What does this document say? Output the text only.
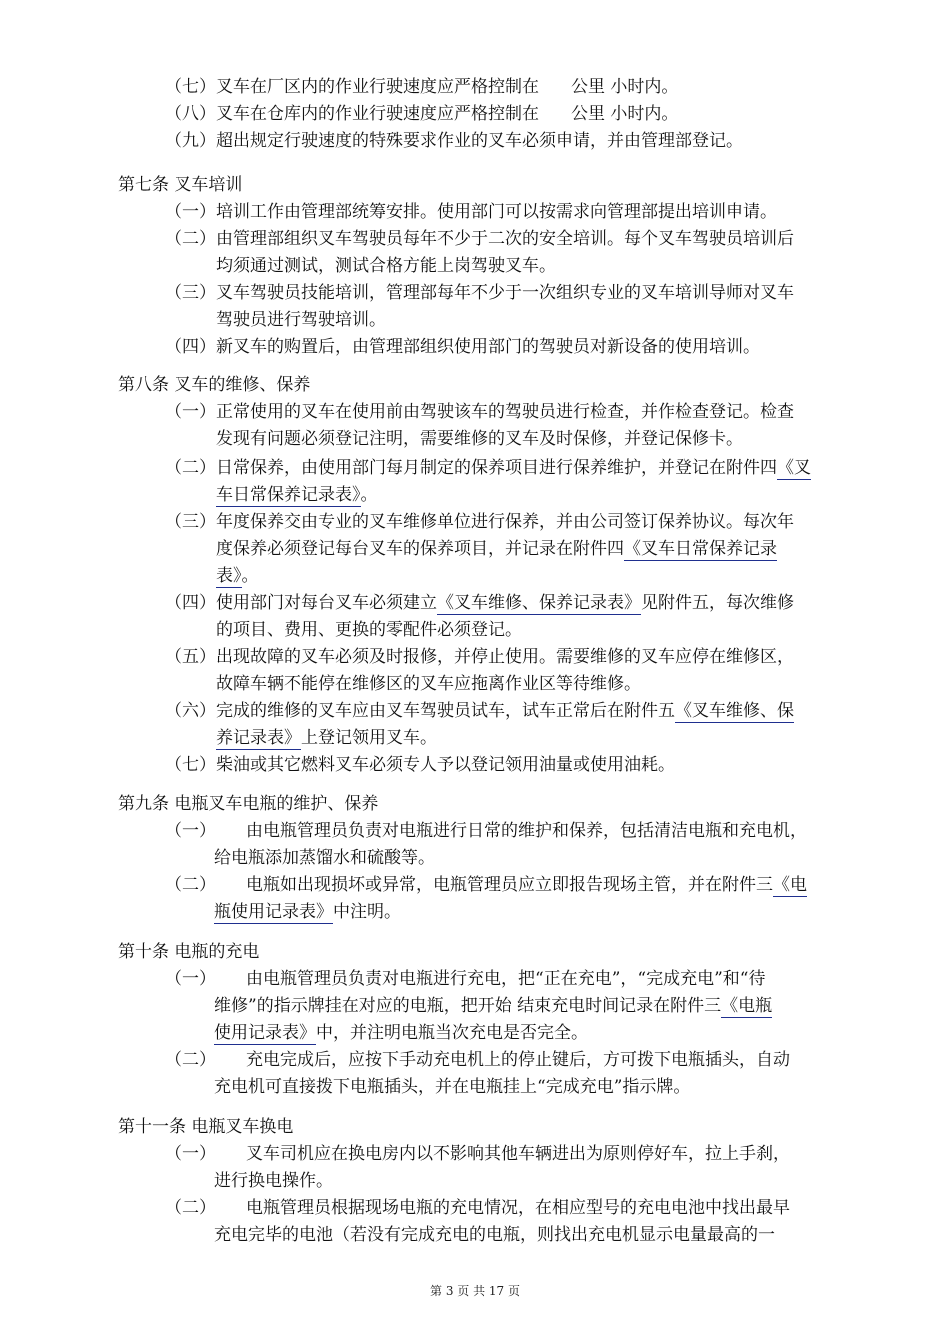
（七） 叉车在厂区内的作业行驶速度应严格控制在 公里 小时内。
（八） 叉车在仓库内的作业行驶速度应严格控制在 公里 小时内。
（九） 超出规定行驶速度的特殊要求作业的叉车必须申请，并由管理部登记。
第七条 叉车培训
（一） 培训工作由管理部统筹安排。使用部门可以按需求向管理部提出培训申请。
（二） 由管理部组织叉车驾驶员每年不少于二次的安全培训。每个叉车驾驶员培训后
均须通过测试，测试合格方能上岗驾驶叉车。
（三） 叉车驾驶员技能培训，管理部每年不少于一次组织专业的叉车培训导师对叉车
驾驶员进行驾驶培训。
（四） 新叉车的购置后，由管理部组织使用部门的驾驶员对新设备的使用培训。
第八条 叉车的维修、保养
（一） 正常使用的叉车在使用前由驾驶该车的驾驶员进行检查，并作检查登记。检查
发现有问题必须登记注明，需要维修的叉车及时保修，并登记保修卡。
（二） 日常保养，由使用部门每月制定的保养项目进行保养维护，并登记在附件四《叉
车日常保养记录表》。
（三） 年度保养交由专业的叉车维修单位进行保养，并由公司签订保养协议。每次年
度保养必须登记每台叉车的保养项目，并记录在附件四《叉车日常保养记录
表》。
（四） 使用部门对每台叉车必须建立《叉车维修、保养记录表》见附件五，每次维修
的项目、费用、更换的零配件必须登记。
（五） 出现故障的叉车必须及时报修，并停止使用。需要维修的叉车应停在维修区，
故障车辆不能停在维修区的叉车应拖离作业区等待维修。
（六） 完成的维修的叉车应由叉车驾驶员试车，试车正常后在附件五《叉车维修、保
养记录表》上登记领用叉车。
（七） 柴油或其它燃料叉车必须专人予以登记领用油量或使用油耗。
第九条 电瓶叉车电瓶的维护、保养
（一） 由电瓶管理员负责对电瓶进行日常的维护和保养，包括清洁电瓶和充电机，
给电瓶添加蒸馏水和硫酸等。
（二） 电瓶如出现损坏或异常，电瓶管理员应立即报告现场主管，并在附件三《电
瓶使用记录表》中注明。
第十条 电瓶的充电
（一） 由电瓶管理员负责对电瓶进行充电，把“正在充电”，“完成充电”和“待
维修”的指示牌挂在对应的电瓶，把开始 结束充电时间记录在附件三《电瓶
使用记录表》中，并注明电瓶当次充电是否完全。
（二） 充电完成后，应按下手动充电机上的停止键后，方可拨下电瓶插头，自动
充电机可直接拨下电瓶插头，并在电瓶挂上“完成充电”指示牌。
第十一条 电瓶叉车换电
（一） 叉车司机应在换电房内以不影响其他车辆进出为原则停好车，拉上手刹，
进行换电操作。
（二） 电瓶管理员根据现场电瓶的充电情况，在相应型号的充电电池中找出最早
充电完毕的电池（若没有完成充电的电瓶，则找出充电机显示电量最高的一
第 3 页 共 17 页
